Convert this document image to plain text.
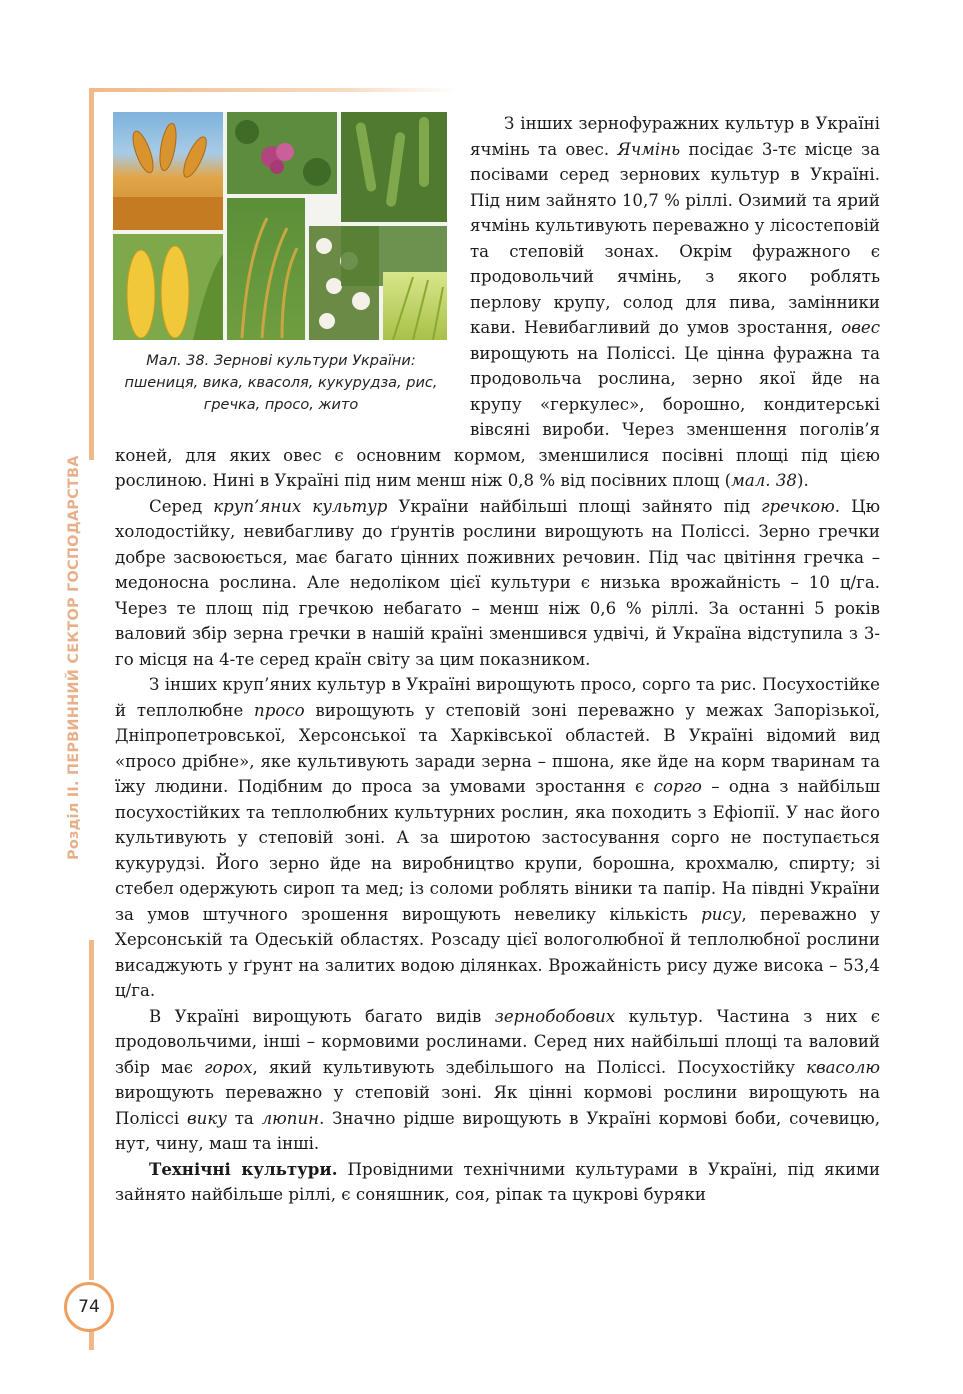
Розділ ІІ. ПЕРВИННИЙ СЕКТОР ГОСПОДАРСТВА
Мал. 38. Зернові культури України: пшениця, вика, квасоля, кукурудза, рис, гречка, просо, жито

З інших зернофуражних культур в Україні ячмінь та овес. Ячмінь посідає 3-тє місце за посівами серед зернових культур в Україні. Під ним зайнято 10,7 % ріллі. Озимий та ярий ячмінь культивують переважно у лісостеповій та степовій зонах. Окрім фуражного є продовольчий ячмінь, з якого роблять перлову крупу, солод для пива, замінники кави. Невибагливий до умов зростання, овес вирощують на Поліссі. Це цінна фуражна та продовольча рослина, зерно якої йде на крупу «геркулес», борошно, кондитерські вівсяні вироби. Через зменшення поголів’я коней, для яких овес є основним кормом, зменшилися посівні площі під цією рослиною. Нині в Україні під ним менш ніж 0,8 % від посівних площ (мал. 38).

Серед круп’яних культур України найбільші площі зайнято під гречкою. Цю холодостійку, невибагливу до ґрунтів рослини вирощують на Поліссі. Зерно гречки добре засвоюється, має багато цінних поживних речовин. Під час цвітіння гречка – медоносна рослина. Але недоліком цієї культури є низька врожайність – 10 ц/га. Через те площ під гречкою небагато – менш ніж 0,6 % ріллі. За останні 5 років валовий збір зерна гречки в нашій країні зменшився удвічі, й Україна відступила з 3-го місця на 4-те серед країн світу за цим показником.

З інших круп’яних культур в Україні вирощують просо, сорго та рис. Посухостійке й теплолюбне просо вирощують у степовій зоні переважно у межах Запорізької, Дніпропетровської, Херсонської та Харківської областей. В Україні відомий вид «просо дрібне», яке культивують заради зерна – пшона, яке йде на корм тваринам та їжу людини. Подібним до проса за умовами зростання є сорго – одна з найбільш посухостійких та теплолюбних культурних рослин, яка походить з Ефіопії. У нас його культивують у степовій зоні. А за широтою застосування сорго не поступається кукурудзі. Його зерно йде на виробництво крупи, борошна, крохмалю, спирту; зі стебел одержують сироп та мед; із соломи роблять віники та папір. На півдні України за умов штучного зрошення вирощують невелику кількість рису, переважно у Херсонській та Одеській областях. Розсаду цієї вологолюбної й теплолюбної рослини висаджують у ґрунт на залитих водою ділянках. Врожайність рису дуже висока – 53,4 ц/га.

В Україні вирощують багато видів зернобобових культур. Частина з них є продовольчими, інші – кормовими рослинами. Серед них найбільші площі та валовий збір має горох, який культивують здебільшого на Поліссі. Посухостійку квасолю вирощують переважно у степовій зоні. Як цінні кормові рослини вирощують на Поліссі вику та люпин. Значно рідше вирощують в Україні кормові боби, сочевицю, нут, чину, маш та інші.

Технічні культури. Провідними технічними культурами в Україні, під якими зайнято найбільше ріллі, є соняшник, соя, ріпак та цукрові буряки

74
